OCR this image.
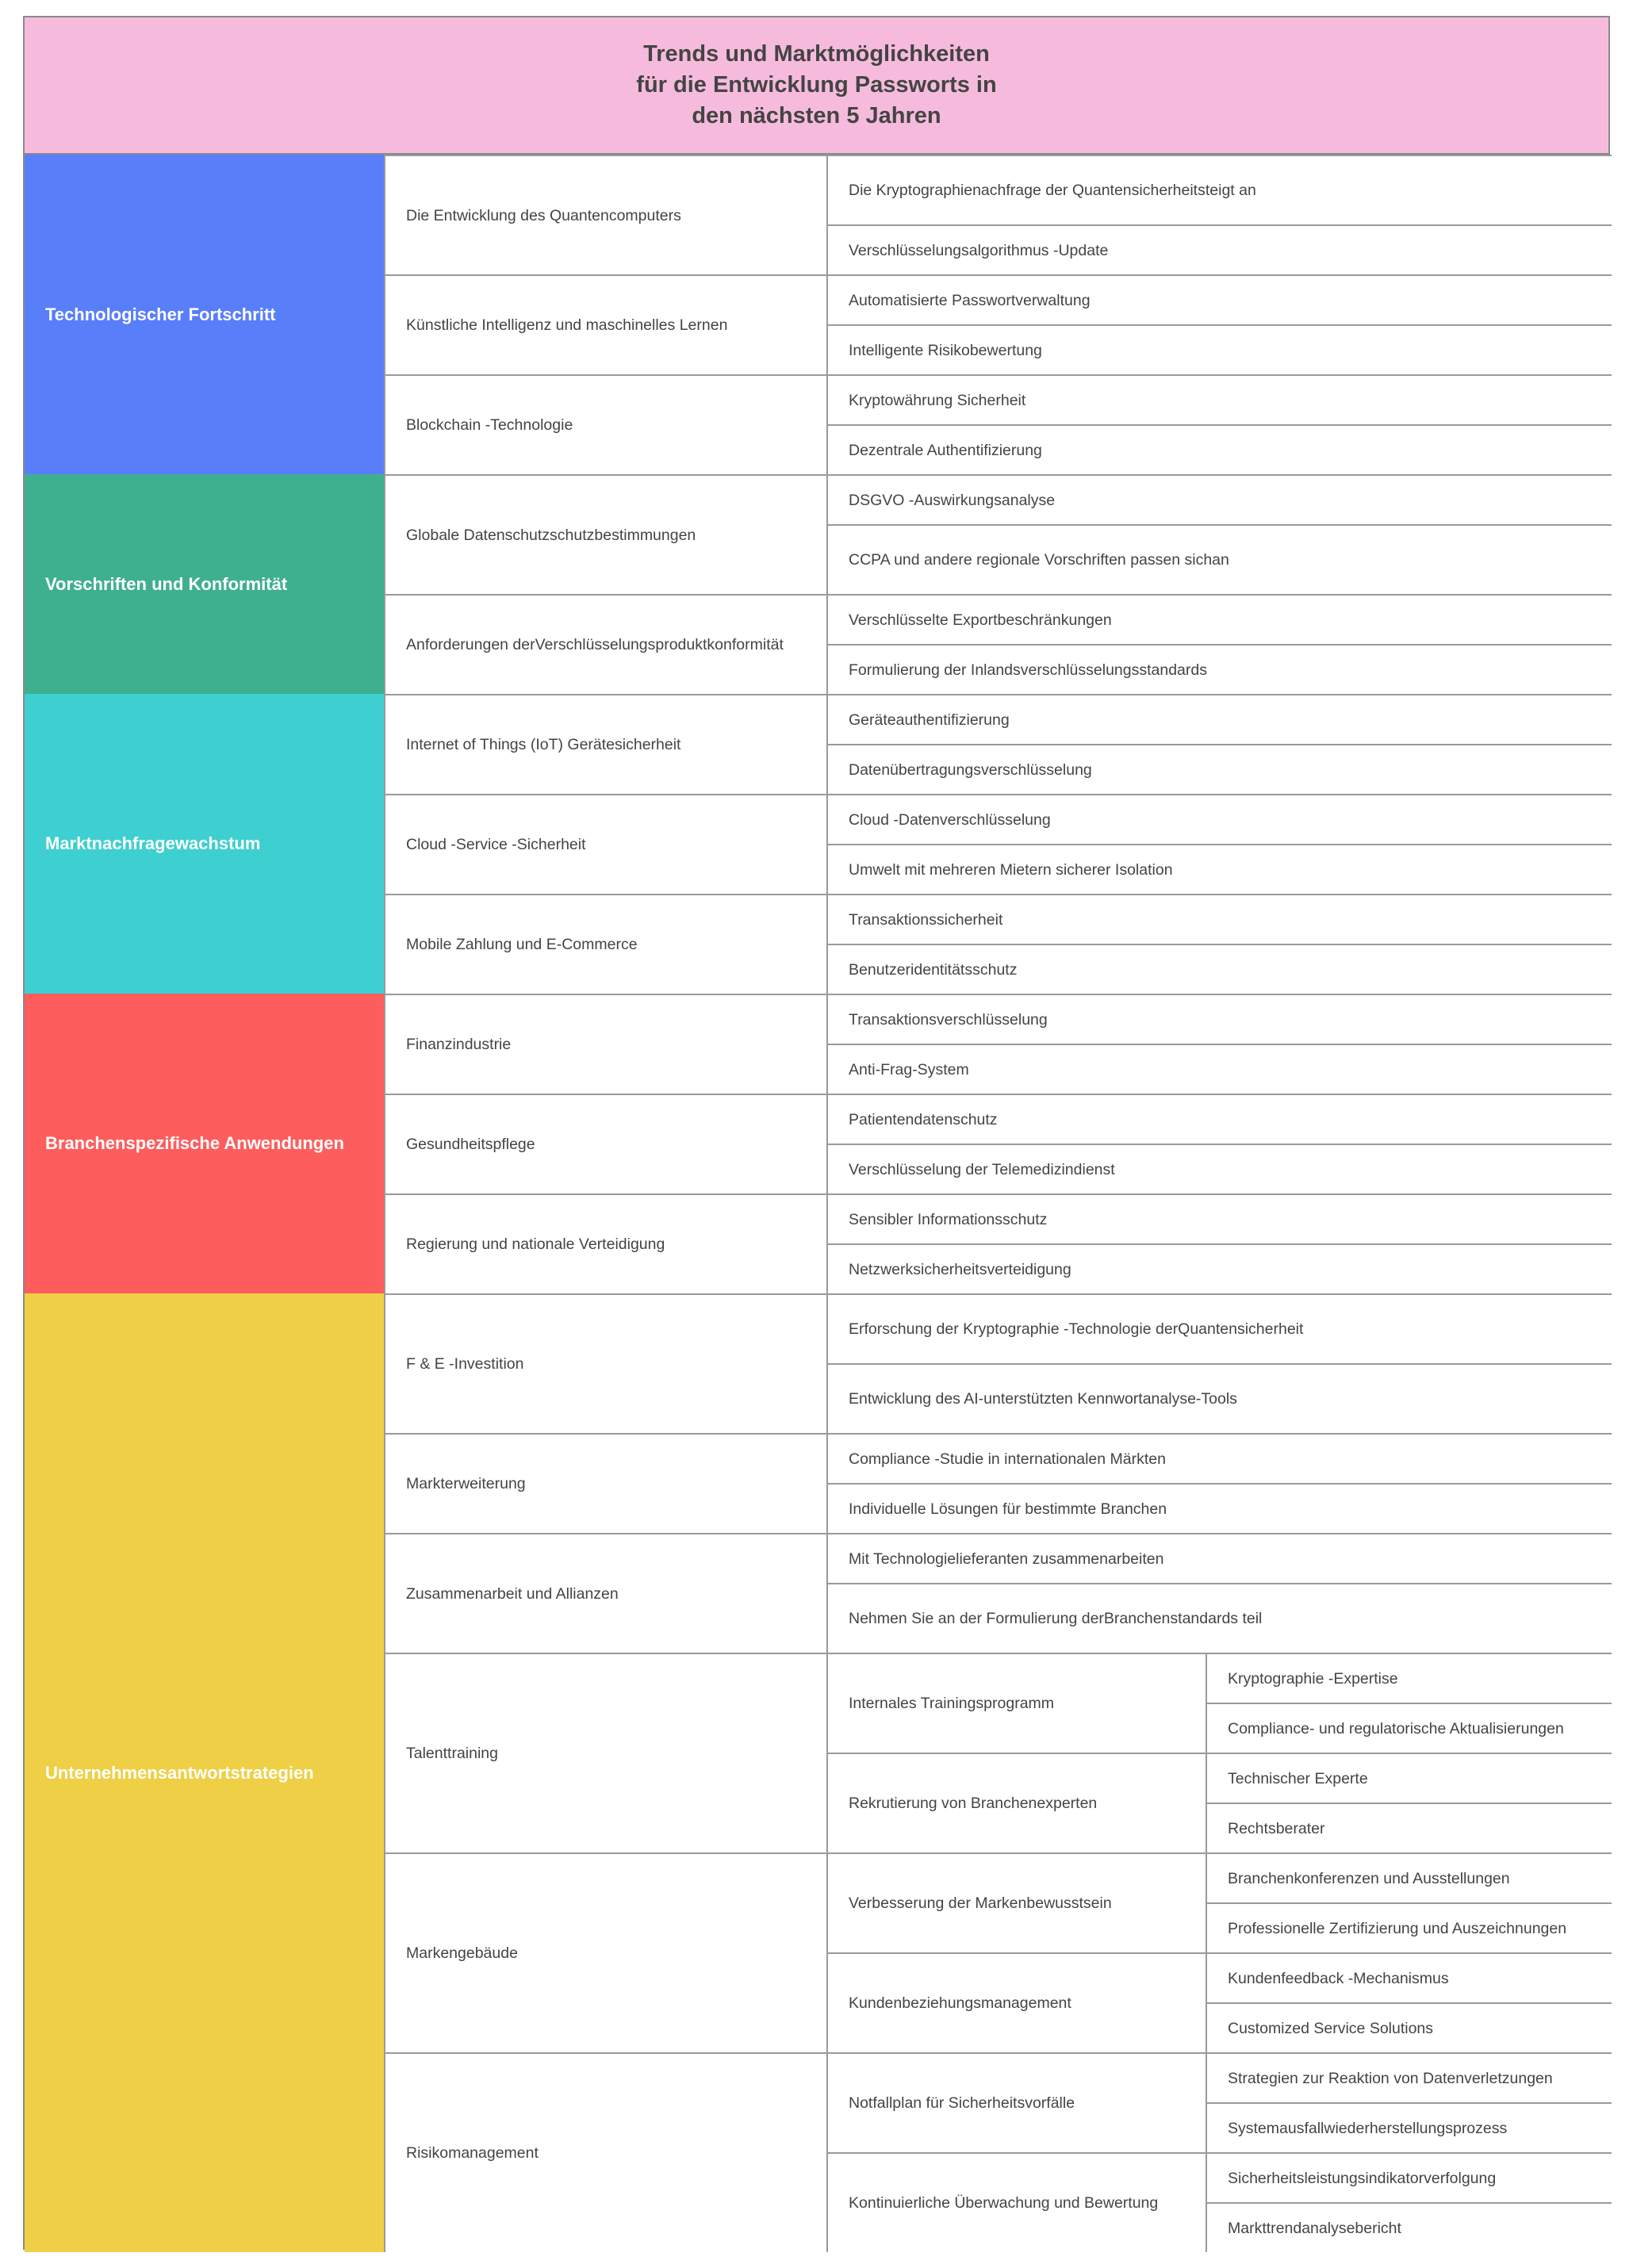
Die Kryptographienachfrage der Quantensicherheit steigt an
Verschlüsselungsalgorithmus -Update
Die Entwicklung des Quantencomputers
Automatisierte Passwortverwaltung
Intelligente Risikobewertung
Künstliche Intelligenz und maschinelles Lernen
Kryptowährung Sicherheit
Dezentrale Authentifizierung
Blockchain -Technologie
Technologischer Fortschritt
DSGVO -Auswirkungsanalyse
CCPA und andere regionale Vorschriften passen sich an
Globale Datenschutzschutzbestimmungen
Verschlüsselte Exportbeschränkungen
Formulierung der Inlandsverschlüsselungsstandards
Anforderungen der Verschlüsselungsproduktkonformität
Vorschriften und Konformität
Geräteauthentifizierung
Datenübertragungsverschlüsselung
Internet of Things (IoT) Gerätesicherheit
Cloud -Datenverschlüsselung
Umwelt mit mehreren Mietern sicherer Isolation
Cloud -Service -Sicherheit
Transaktionssicherheit
Benutzeridentitätsschutz
Mobile Zahlung und E-Commerce
Marktnachfragewachstum
Transaktionsverschlüsselung
Anti-Frag-System
Finanzindustrie
Patientendatenschutz
Verschlüsselung der Telemedizindienst
Gesundheitspflege
Sensibler Informationsschutz
Netzwerksicherheitsverteidigung
Regierung und nationale Verteidigung
Branchenspezifische Anwendungen
Erforschung der Kryptographie -Technologie der Quantensicherheit
Entwicklung des AI-unterstützten Kennwortanalyse- Tools
F & E -Investition
Compliance -Studie in internationalen Märkten
Individuelle Lösungen für bestimmte Branchen
Markterweiterung
Mit Technologielieferanten zusammenarbeiten
Nehmen Sie an der Formulierung der Branchenstandards teil
Zusammenarbeit und Allianzen
Kryptographie -Expertise
Compliance- und regulatorische Aktualisierungen
Internales Trainingsprogramm
Technischer Experte
Rechtsberater
Rekrutierung von Branchenexperten
Talenttraining
Branchenkonferenzen und Ausstellungen
Professionelle Zertifizierung und Auszeichnungen
Verbesserung der Markenbewusstsein
Kundenfeedback -Mechanismus
Customized Service Solutions
Kundenbeziehungsmanagement
Markengebäude
Strategien zur Reaktion von Datenverletzungen
Systemausfallwiederherstellungsprozess
Notfallplan für Sicherheitsvorfälle
Sicherheitsleistungsindikatorverfolgung
Markttrendanalysebericht
Kontinuierliche Überwachung und Bewertung
Risikomanagement
Unternehmensantwortstrategien
Trends und Marktmöglichkeiten
für die Entwicklung Passworts in
den nächsten 5 Jahren
